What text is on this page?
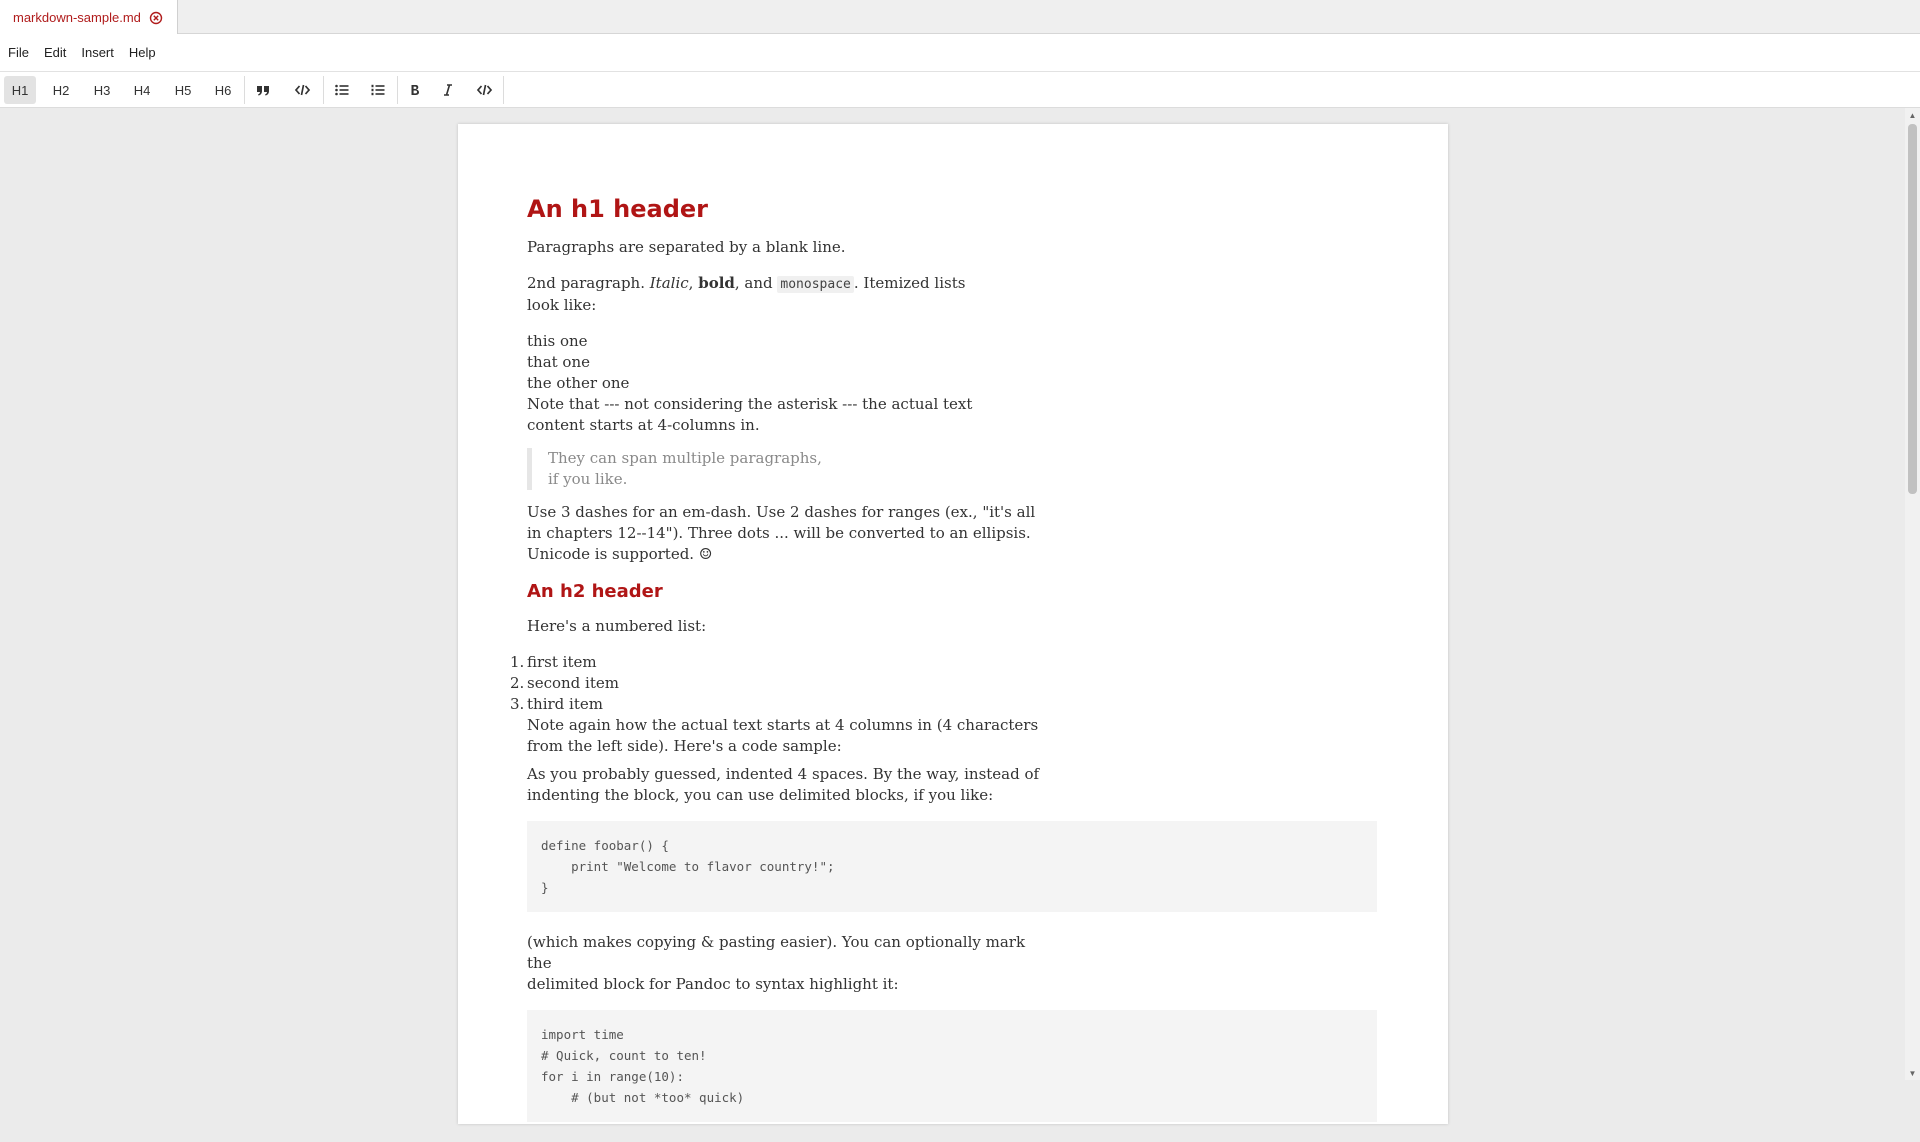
markdown-sample.md
File	Edit	Insert	Help
H1	H2	H3	H4	H5	H6
An h1 header
Paragraphs are separated by a blank line.
2nd paragraph. Italic, bold, and monospace . Itemized lists
look like:
this one
that one
the other one
Note that --- not considering the asterisk --- the actual text
content starts at 4-columns in.
They can span multiple paragraphs,
if you like.
Use 3 dashes for an em-dash. Use 2 dashes for ranges (ex., "it's all
in chapters 12--14"). Three dots ... will be converted to an ellipsis.
Unicode is supported. ☺
An h2 header
Here's a numbered list:
1. first item
2. second item
3. third item
Note again how the actual text starts at 4 columns in (4 characters
from the left side). Here's a code sample:
As you probably guessed, indented 4 spaces. By the way, instead of
indenting the block, you can use delimited blocks, if you like:
define foobar() {
print "Welcome to flavor country!";
}
(which makes copying & pasting easier). You can optionally mark the
delimited block for Pandoc to syntax highlight it:
import time
# Quick, count to ten!
for i in range(10):
# (but not *too* quick)
▲
▼
